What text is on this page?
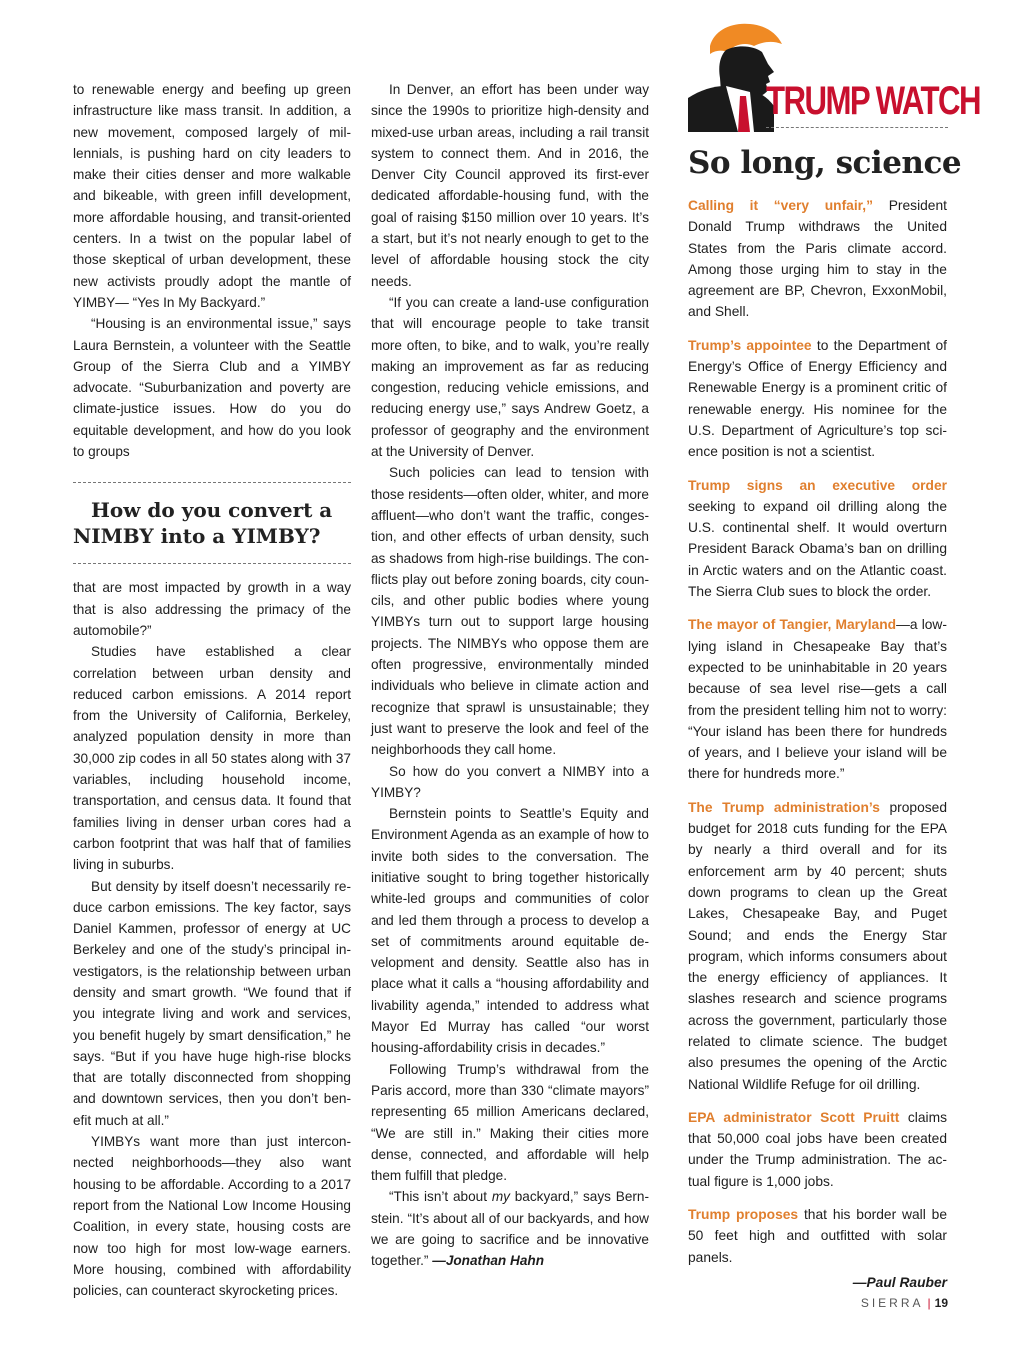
to renewable energy and beefing up green infrastructure like mass transit. In addition, a new movement, composed largely of millennials, is pushing hard on city leaders to make their cities denser and more walkable and bikeable, with green infill development, more affordable housing, and transit-oriented centers. In a twist on the popular label of those skeptical of urban development, these new activists proudly adopt the mantle of YIMBY— “Yes In My Backyard.”

“Housing is an environmental issue,” says Laura Bernstein, a volunteer with the Seattle Group of the Sierra Club and a YIMBY advocate. “Suburbanization and poverty are climate-justice issues. How do you do equitable development, and how do you look to groups

How do you convert a NIMBY into a YIMBY?

that are most impacted by growth in a way that is also addressing the primacy of the automobile?”

Studies have established a clear correlation between urban density and reduced carbon emissions. A 2014 report from the University of California, Berkeley, analyzed population density in more than 30,000 zip codes in all 50 states along with 37 variables, including household income, transportation, and census data. It found that families living in denser urban cores had a carbon footprint that was half that of families living in suburbs.

But density by itself doesn’t necessarily reduce carbon emissions. The key factor, says Daniel Kammen, professor of energy at UC Berkeley and one of the study’s principal investigators, is the relationship between urban density and smart growth. “We found that if you integrate living and work and services, you benefit hugely by smart densification,” he says. “But if you have huge high-rise blocks that are totally disconnected from shopping and downtown services, then you don’t benefit much at all.”

YIMBYs want more than just interconnected neighborhoods—they also want housing to be affordable. According to a 2017 report from the National Low Income Housing Coalition, in every state, housing costs are now too high for most low-wage earners. More housing, combined with affordability policies, can counteract skyrocketing prices.

In Denver, an effort has been under way since the 1990s to prioritize high-density and mixed-use urban areas, including a rail transit system to connect them. And in 2016, the Denver City Council approved its first-ever dedicated affordable-housing fund, with the goal of raising $150 million over 10 years. It’s a start, but it’s not nearly enough to get to the level of affordable housing stock the city needs.

“If you can create a land-use configuration that will encourage people to take transit more often, to bike, and to walk, you’re really making an improvement as far as reducing congestion, reducing vehicle emissions, and reducing energy use,” says Andrew Goetz, a professor of geography and the environment at the University of Denver.

Such policies can lead to tension with those residents—often older, whiter, and more affluent—who don’t want the traffic, congestion, and other effects of urban density, such as shadows from high-rise buildings. The conflicts play out before zoning boards, city councils, and other public bodies where young YIMBYs turn out to support large housing projects. The NIMBYs who oppose them are often progressive, environmentally minded individuals who believe in climate action and recognize that sprawl is unsustainable; they just want to preserve the look and feel of the neighborhoods they call home.

So how do you convert a NIMBY into a YIMBY?

Bernstein points to Seattle’s Equity and Environment Agenda as an example of how to invite both sides to the conversation. The initiative sought to bring together historically white-led groups and communities of color and led them through a process to develop a set of commitments around equitable development and density. Seattle also has in place what it calls a “housing affordability and livability agenda,” intended to address what Mayor Ed Murray has called “our worst housing-affordability crisis in decades.”

Following Trump’s withdrawal from the Paris accord, more than 330 “climate mayors” representing 65 million Americans declared, “We are still in.” Making their cities more dense, connected, and affordable will help them fulfill that pledge.

“This isn’t about my backyard,” says Bernstein. “It’s about all of our backyards, and how we are going to sacrifice and be innovative together.” —Jonathan Hahn

TRUMP WATCH
So long, science

Calling it “very unfair,” President Donald Trump withdraws the United States from the Paris climate accord. Among those urging him to stay in the agreement are BP, Chevron, ExxonMobil, and Shell.

Trump’s appointee to the Department of Energy’s Office of Energy Efficiency and Renewable Energy is a prominent critic of renewable energy. His nominee for the U.S. Department of Agriculture’s top science position is not a scientist.

Trump signs an executive order seeking to expand oil drilling along the U.S. continental shelf. It would overturn President Barack Obama’s ban on drilling in Arctic waters and on the Atlantic coast. The Sierra Club sues to block the order.

The mayor of Tangier, Maryland—a low-lying island in Chesapeake Bay that’s expected to be uninhabitable in 20 years because of sea level rise—gets a call from the president telling him not to worry: “Your island has been there for hundreds of years, and I believe your island will be there for hundreds more.”

The Trump administration’s proposed budget for 2018 cuts funding for the EPA by nearly a third overall and for its enforcement arm by 40 percent; shuts down programs to clean up the Great Lakes, Chesapeake Bay, and Puget Sound; and ends the Energy Star program, which informs consumers about the energy efficiency of appliances. It slashes research and science programs across the government, particularly those related to climate science. The budget also presumes the opening of the Arctic National Wildlife Refuge for oil drilling.

EPA administrator Scott Pruitt claims that 50,000 coal jobs have been created under the Trump administration. The actual figure is 1,000 jobs.

Trump proposes that his border wall be 50 feet high and outfitted with solar panels.

—Paul Rauber
SIERRA | 19
